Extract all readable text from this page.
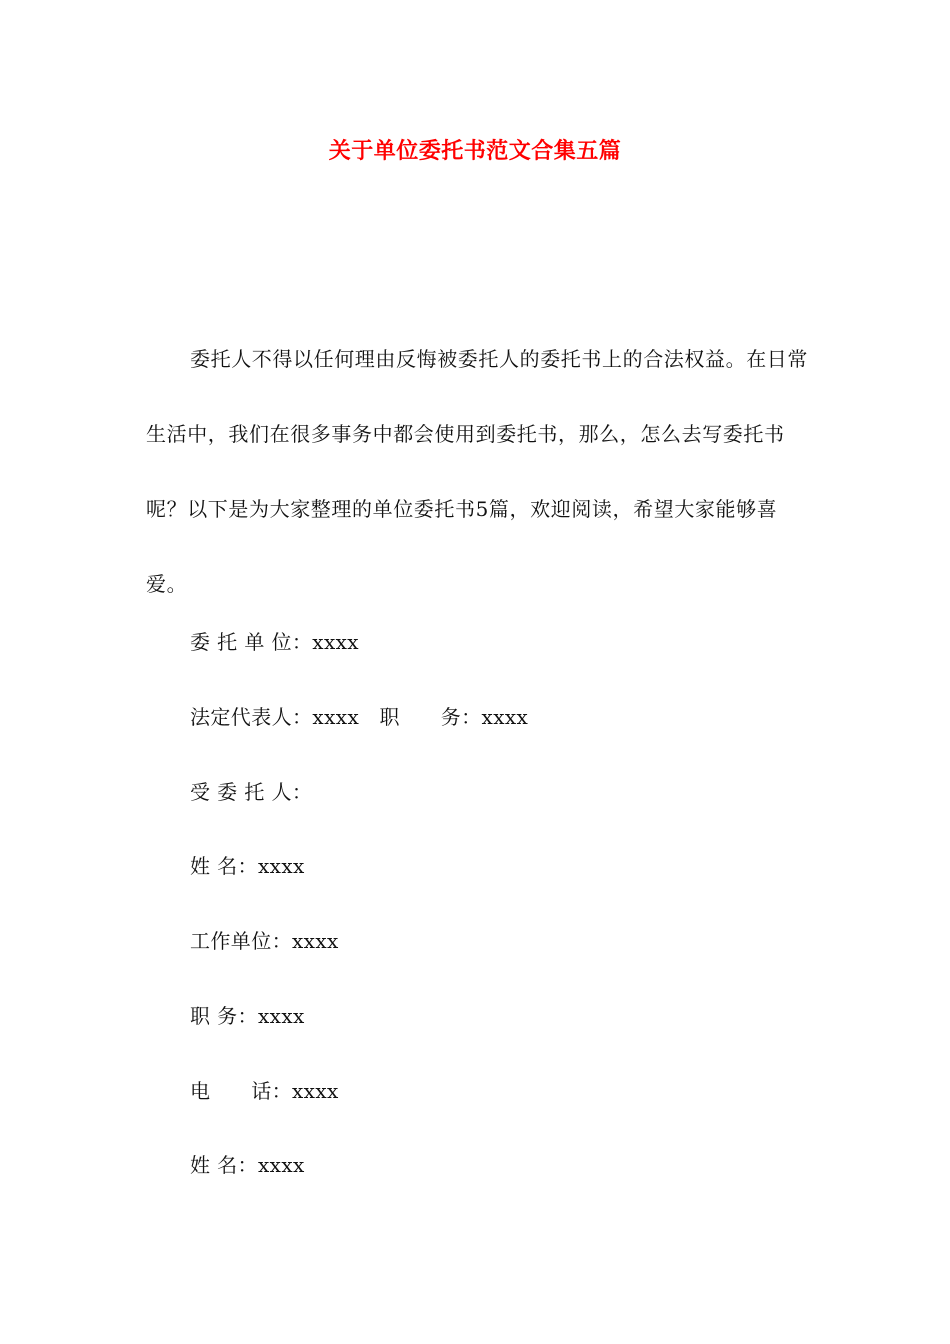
关于单位委托书范文合集五篇

委托人不得以任何理由反悔被委托人的委托书上的合法权益。在日常生活中，我们在很多事务中都会使用到委托书，那么，怎么去写委托书呢？以下是为大家整理的单位委托书5篇，欢迎阅读，希望大家能够喜爱。

委 托 单 位：xxxx

法定代表人：xxxx　职　　务：xxxx

受 委 托 人：

姓 名：xxxx

工作单位：xxxx

职 务：xxxx

电　　话：xxxx

姓 名：xxxx
